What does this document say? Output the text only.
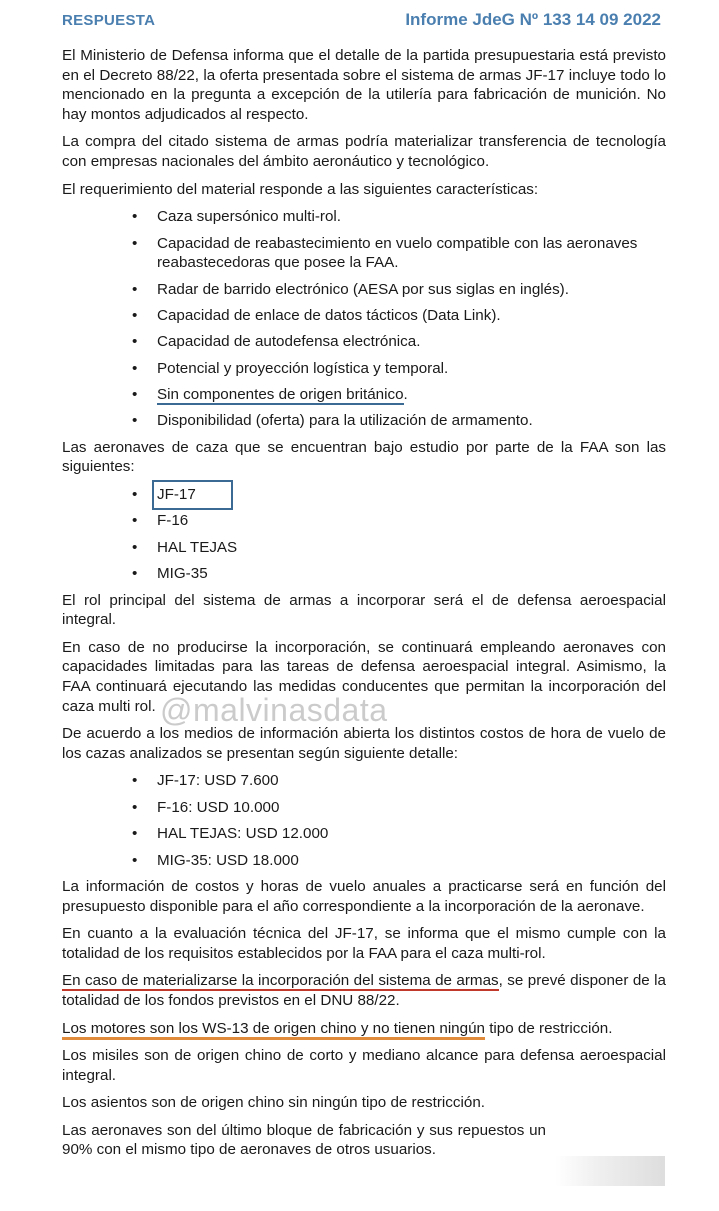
RESPUESTA	Informe JdeG Nº 133 14 09 2022

El Ministerio de Defensa informa que el detalle de la partida presupuestaria está previsto en el Decreto 88/22, la oferta presentada sobre el sistema de armas JF-17 incluye todo lo mencionado en la pregunta a excepción de la utilería para fabricación de munición. No hay montos adjudicados al respecto.

La compra del citado sistema de armas podría materializar transferencia de tecnología con empresas nacionales del ámbito aeronáutico y tecnológico.

El requerimiento del material responde a las siguientes características:

• Caza supersónico multi-rol.
• Capacidad de reabastecimiento en vuelo compatible con las aeronaves reabastecedoras que posee la FAA.
• Radar de barrido electrónico (AESA por sus siglas en inglés).
• Capacidad de enlace de datos tácticos (Data Link).
• Capacidad de autodefensa electrónica.
• Potencial y proyección logística y temporal.
• Sin componentes de origen británico.
• Disponibilidad (oferta) para la utilización de armamento.

Las aeronaves de caza que se encuentran bajo estudio por parte de la FAA son las siguientes:

• JF-17
• F-16
• HAL TEJAS
• MIG-35

El rol principal del sistema de armas a incorporar será el de defensa aeroespacial integral.

En caso de no producirse la incorporación, se continuará empleando aeronaves con capacidades limitadas para las tareas de defensa aeroespacial integral. Asimismo, la FAA continuará ejecutando las medidas conducentes que permitan la incorporación del caza multi rol.

De acuerdo a los medios de información abierta los distintos costos de hora de vuelo de los cazas analizados se presentan según siguiente detalle:

• JF-17: USD 7.600
• F-16: USD 10.000
• HAL TEJAS: USD 12.000
• MIG-35: USD 18.000

La información de costos y horas de vuelo anuales a practicarse será en función del presupuesto disponible para el año correspondiente a la incorporación de la aeronave.

En cuanto a la evaluación técnica del JF-17, se informa que el mismo cumple con la totalidad de los requisitos establecidos por la FAA para el caza multi-rol.

En caso de materializarse la incorporación del sistema de armas, se prevé disponer de la totalidad de los fondos previstos en el DNU 88/22.

Los motores son los WS-13 de origen chino y no tienen ningún tipo de restricción.

Los misiles son de origen chino de corto y mediano alcance para defensa aeroespacial integral.

Los asientos son de origen chino sin ningún tipo de restricción.

Las aeronaves son del último bloque de fabricación y sus repuestos un 90% con el mismo tipo de aeronaves de otros usuarios.

@malvinasdata
